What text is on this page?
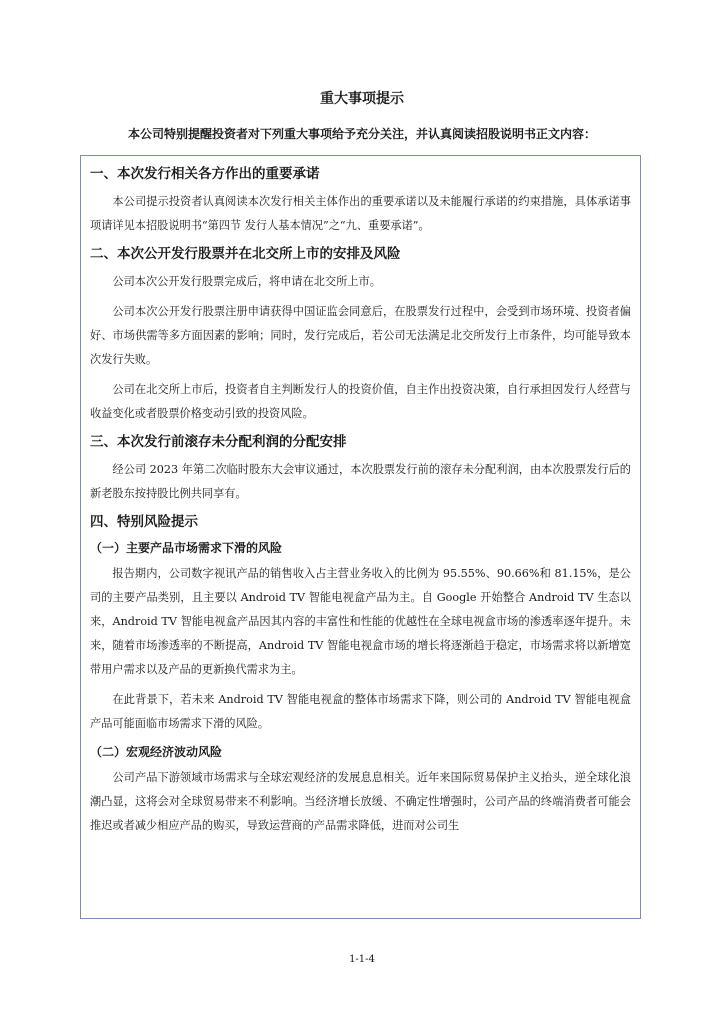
重大事项提示
本公司特别提醒投资者对下列重大事项给予充分关注，并认真阅读招股说明书正文内容：
一、本次发行相关各方作出的重要承诺

本公司提示投资者认真阅读本次发行相关主体作出的重要承诺以及未能履行承诺的约束措施，具体承诺事项请详见本招股说明书“第四节 发行人基本情况”之“九、重要承诺”。

二、本次公开发行股票并在北交所上市的安排及风险

公司本次公开发行股票完成后，将申请在北交所上市。

公司本次公开发行股票注册申请获得中国证监会同意后，在股票发行过程中，会受到市场环境、投资者偏好、市场供需等多方面因素的影响；同时，发行完成后，若公司无法满足北交所发行上市条件，均可能导致本次发行失败。

公司在北交所上市后，投资者自主判断发行人的投资价值，自主作出投资决策，自行承担因发行人经营与收益变化或者股票价格变动引致的投资风险。

三、本次发行前滚存未分配利润的分配安排

经公司 2023 年第二次临时股东大会审议通过，本次股票发行前的滚存未分配利润，由本次股票发行后的新老股东按持股比例共同享有。

四、特别风险提示
（一）主要产品市场需求下滑的风险

报告期内，公司数字视讯产品的销售收入占主营业务收入的比例为 95.55%、90.66%和 81.15%，是公司的主要产品类别，且主要以 Android TV 智能电视盒产品为主。自 Google 开始整合 Android TV 生态以来，Android TV 智能电视盒产品因其内容的丰富性和性能的优越性在全球电视盒市场的渗透率逐年提升。未来，随着市场渗透率的不断提高，Android TV 智能电视盒市场的增长将逐渐趋于稳定，市场需求将以新增宽带用户需求以及产品的更新换代需求为主。

在此背景下，若未来 Android TV 智能电视盒的整体市场需求下降，则公司的 Android TV 智能电视盒产品可能面临市场需求下滑的风险。

（二）宏观经济波动风险

公司产品下游领域市场需求与全球宏观经济的发展息息相关。近年来国际贸易保护主义抬头，逆全球化浪潮凸显，这将会对全球贸易带来不利影响。当经济增长放缓、不确定性增强时，公司产品的终端消费者可能会推迟或者减少相应产品的购买，导致运营商的产品需求降低，进而对公司生

1-1-4
